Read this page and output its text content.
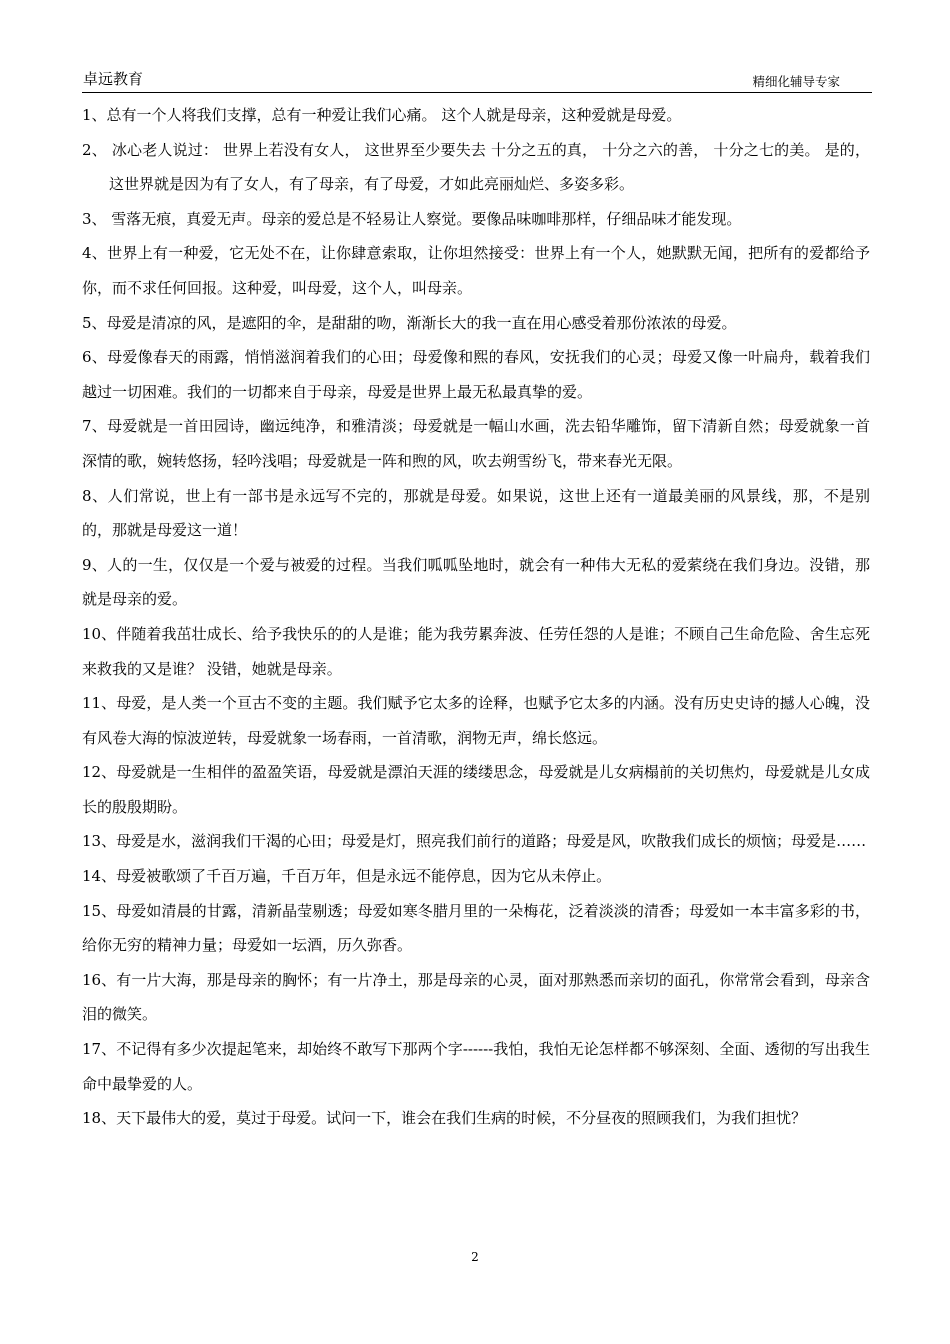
卓远教育	精细化辅导专家

1、总有一个人将我们支撑，总有一种爱让我们心痛。 这个人就是母亲，这种爱就是母爱。

2、 冰心老人说过： 世界上若没有女人， 这世界至少要失去 十分之五的真， 十分之六的善， 十分之七的美。 是的，这世界就是因为有了女人，有了母亲，有了母爱，才如此亮丽灿烂、多姿多彩。

3、 雪落无痕，真爱无声。母亲的爱总是不轻易让人察觉。要像品味咖啡那样，仔细品味才能发现。

4、世界上有一种爱，它无处不在，让你肆意索取，让你坦然接受：世界上有一个人，她默默无闻，把所有的爱都给予你，而不求任何回报。这种爱，叫母爱，这个人，叫母亲。

5、母爱是清凉的风，是遮阳的伞，是甜甜的吻，渐渐长大的我一直在用心感受着那份浓浓的母爱。

6、母爱像春天的雨露，悄悄滋润着我们的心田；母爱像和熙的春风，安抚我们的心灵；母爱又像一叶扁舟，载着我们越过一切困难。我们的一切都来自于母亲，母爱是世界上最无私最真挚的爱。

7、母爱就是一首田园诗，幽远纯净，和雅清淡；母爱就是一幅山水画，洗去铅华雕饰，留下清新自然；母爱就象一首深情的歌，婉转悠扬，轻吟浅唱；母爱就是一阵和煦的风，吹去朔雪纷飞，带来春光无限。

8、人们常说，世上有一部书是永远写不完的，那就是母爱。如果说，这世上还有一道最美丽的风景线，那，不是别的，那就是母爱这一道！

9、人的一生，仅仅是一个爱与被爱的过程。当我们呱呱坠地时，就会有一种伟大无私的爱萦绕在我们身边。没错，那就是母亲的爱。

10、伴随着我茁壮成长、给予我快乐的的人是谁；能为我劳累奔波、任劳任怨的人是谁；不顾自己生命危险、舍生忘死来救我的又是谁？ 没错，她就是母亲。

11、母爱，是人类一个亘古不变的主题。我们赋予它太多的诠释，也赋予它太多的内涵。没有历史史诗的撼人心魄，没有风卷大海的惊波逆转，母爱就象一场春雨，一首清歌，润物无声，绵长悠远。

12、母爱就是一生相伴的盈盈笑语，母爱就是漂泊天涯的缕缕思念，母爱就是儿女病榻前的关切焦灼，母爱就是儿女成长的殷殷期盼。

13、母爱是水，滋润我们干渴的心田；母爱是灯，照亮我们前行的道路；母爱是风，吹散我们成长的烦恼；母爱是……

14、母爱被歌颂了千百万遍，千百万年，但是永远不能停息，因为它从未停止。

15、母爱如清晨的甘露，清新晶莹剔透；母爱如寒冬腊月里的一朵梅花，泛着淡淡的清香；母爱如一本丰富多彩的书，给你无穷的精神力量；母爱如一坛酒，历久弥香。

16、有一片大海，那是母亲的胸怀；有一片净土，那是母亲的心灵，面对那熟悉而亲切的面孔，你常常会看到，母亲含泪的微笑。

17、不记得有多少次提起笔来，却始终不敢写下那两个字------我怕，我怕无论怎样都不够深刻、全面、透彻的写出我生命中最挚爱的人。

18、天下最伟大的爱，莫过于母爱。试问一下，谁会在我们生病的时候，不分昼夜的照顾我们，为我们担忧？

2
